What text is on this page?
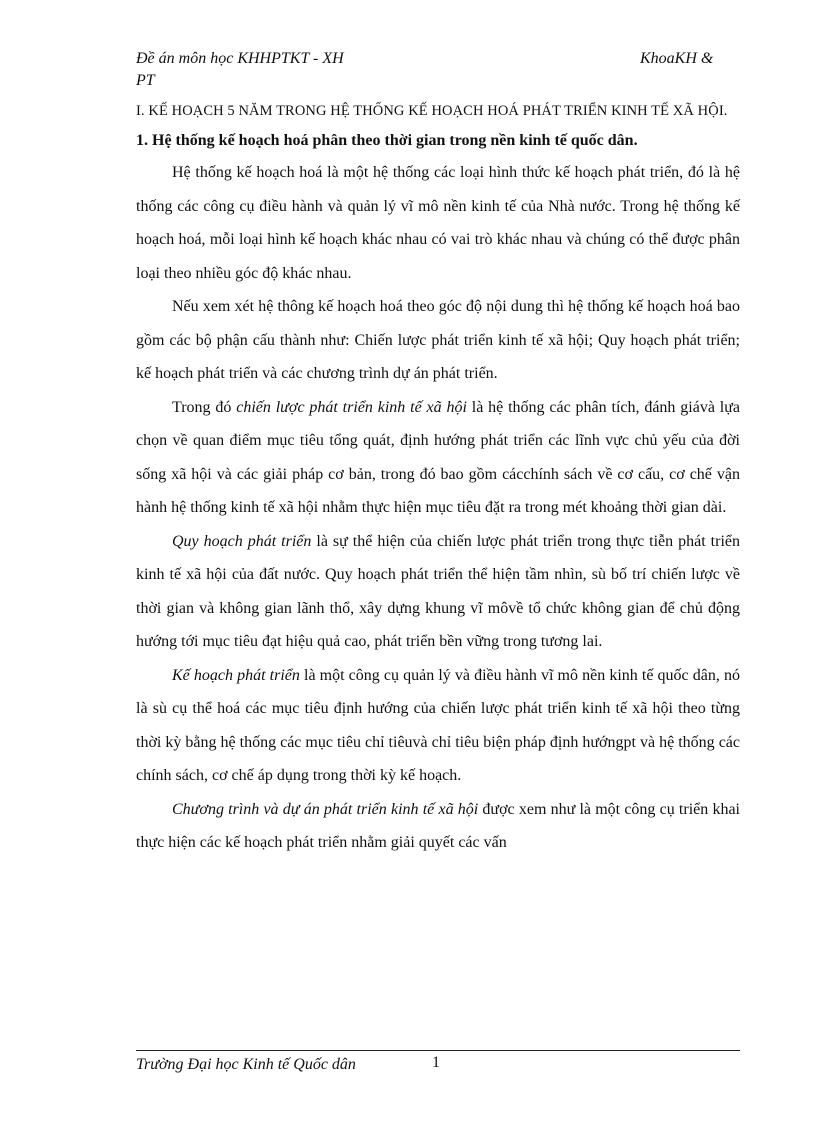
Đề án môn học KHHPTKT - XH	KhoaKH &
PT
I. KẾ HOẠCH 5 NĂM TRONG HỆ THỐNG KẾ HOẠCH HOÁ PHÁT TRIỂN KINH TẾ XÃ HỘI.
1. Hệ thống kế hoạch hoá phân theo thời gian trong nền kinh tế quốc dân.

Hệ thống kế hoạch hoá là một hệ thống các loại hình thức kế hoạch phát triển, đó là hệ thống các công cụ điều hành và quản lý vĩ mô nền kinh tế của Nhà nước. Trong hệ thống kế hoạch hoá, mỗi loại hình kế hoạch khác nhau có vai trò khác nhau và chúng có thể được phân loại theo nhiều góc độ khác nhau.

Nếu xem xét hệ thông kế hoạch hoá theo góc độ nội dung thì hệ thống kế hoạch hoá bao gồm các bộ phận cấu thành như: Chiến lược phát triển kinh tế xã hội; Quy hoạch phát triển; kế hoạch phát triển và các chương trình dự án phát triển.

Trong đó chiến lược phát triển kinh tế xã hội là hệ thống các phân tích, đánh giávà lựa chọn về quan điểm mục tiêu tổng quát, định hướng phát triển các lĩnh vực chủ yếu của đời sống xã hội và các giải pháp cơ bản, trong đó bao gồm cácchính sách về cơ cấu, cơ chế vận hành hệ thống kinh tế xã hội nhằm thực hiện mục tiêu đặt ra trong mét khoảng thời gian dài.

Quy hoạch phát triển là sự thể hiện của chiến lược phát triển trong thực tiễn phát triển kinh tế xã hội của đất nước. Quy hoạch phát triển thể hiện tầm nhìn, sù bố trí chiến lược về thời gian và không gian lãnh thổ, xây dựng khung vĩ môvề tổ chức không gian để chủ động hướng tới mục tiêu đạt hiệu quả cao, phát triển bền vững trong tương lai.

Kế hoạch phát triển là một công cụ quản lý và điều hành vĩ mô nền kinh tế quốc dân, nó là sù cụ thể hoá các mục tiêu định hướng của chiến lược phát triển kinh tế xã hội theo từng thời kỳ bằng hệ thống các mục tiêu chỉ tiêuvà chỉ tiêu biện pháp định hướngpt và hệ thống các chính sách, cơ chế áp dụng trong thời kỳ kế hoạch.

Chương trình và dự án phát triển kinh tế xã hội được xem như là một công cụ triển khai thực hiện các kế hoạch phát triển nhằm giải quyết các vấn

Trường Đại học Kinh tế Quốc dân	1
